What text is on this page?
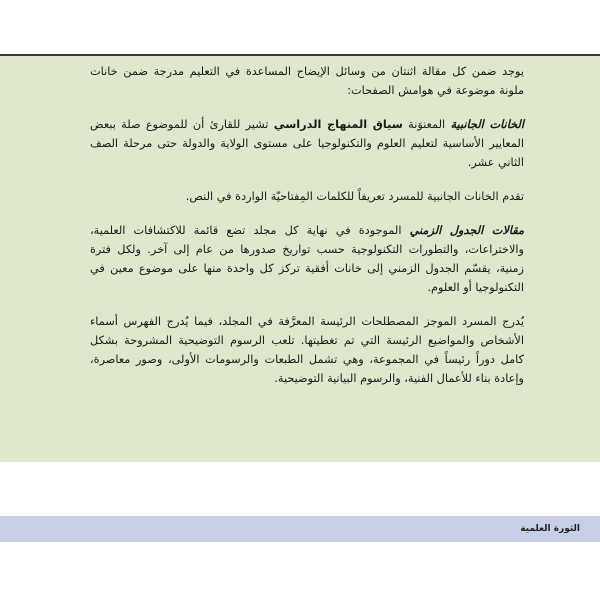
يوجد ضمن كل مقالة اثنتان من وسائل الإيضاح المساعدة في التعليم مدرجة ضمن خانات ملونة موضوعة في هوامش الصفحات:

الخانات الجانبية المعنوَنة سياق المنهاج الدراسي تشير للقارئ أن للموضوع صلة ببعض المعايير الأساسية لتعليم العلوم والتكنولوجيا على مستوى الولاية والدولة حتى مرحلة الصف الثاني عشر.

تقدم الخانات الجانبية للمسرد تعريفاً للكلمات المِفتاحيّة الواردة في النص.

مقالات الجدول الزمني الموجودة في نهاية كل مجلد تضع قائمة للاكتشافات العلمية، والاختراعات، والتطورات التكنولوجية حسب تواريخ صدورها من عام إلى آخر. ولكل فترة زمنية، يقسّم الجدول الزمني إلى خانات أفقية تركز كل واحدة منها على موضوع معين في التكنولوجيا أو العلوم.

يُدرج المسرد الموجز المصطلحات الرئيسة المعرَّفة في المجلد، فيما يُدرج الفهرس أسماء الأشخاص والمواضيع الرئيسة التي تم تغطيتها. تلعب الرسوم التوضيحية المشروحة بشكل كامل دوراً رئيساً في المجموعة، وهي تشمل الطبعات والرسومات الأولى، وصور معاصرة، وإعادة بناء للأعمال الفنية، والرسوم البيانية التوضيحية.

الثورة العلمية
